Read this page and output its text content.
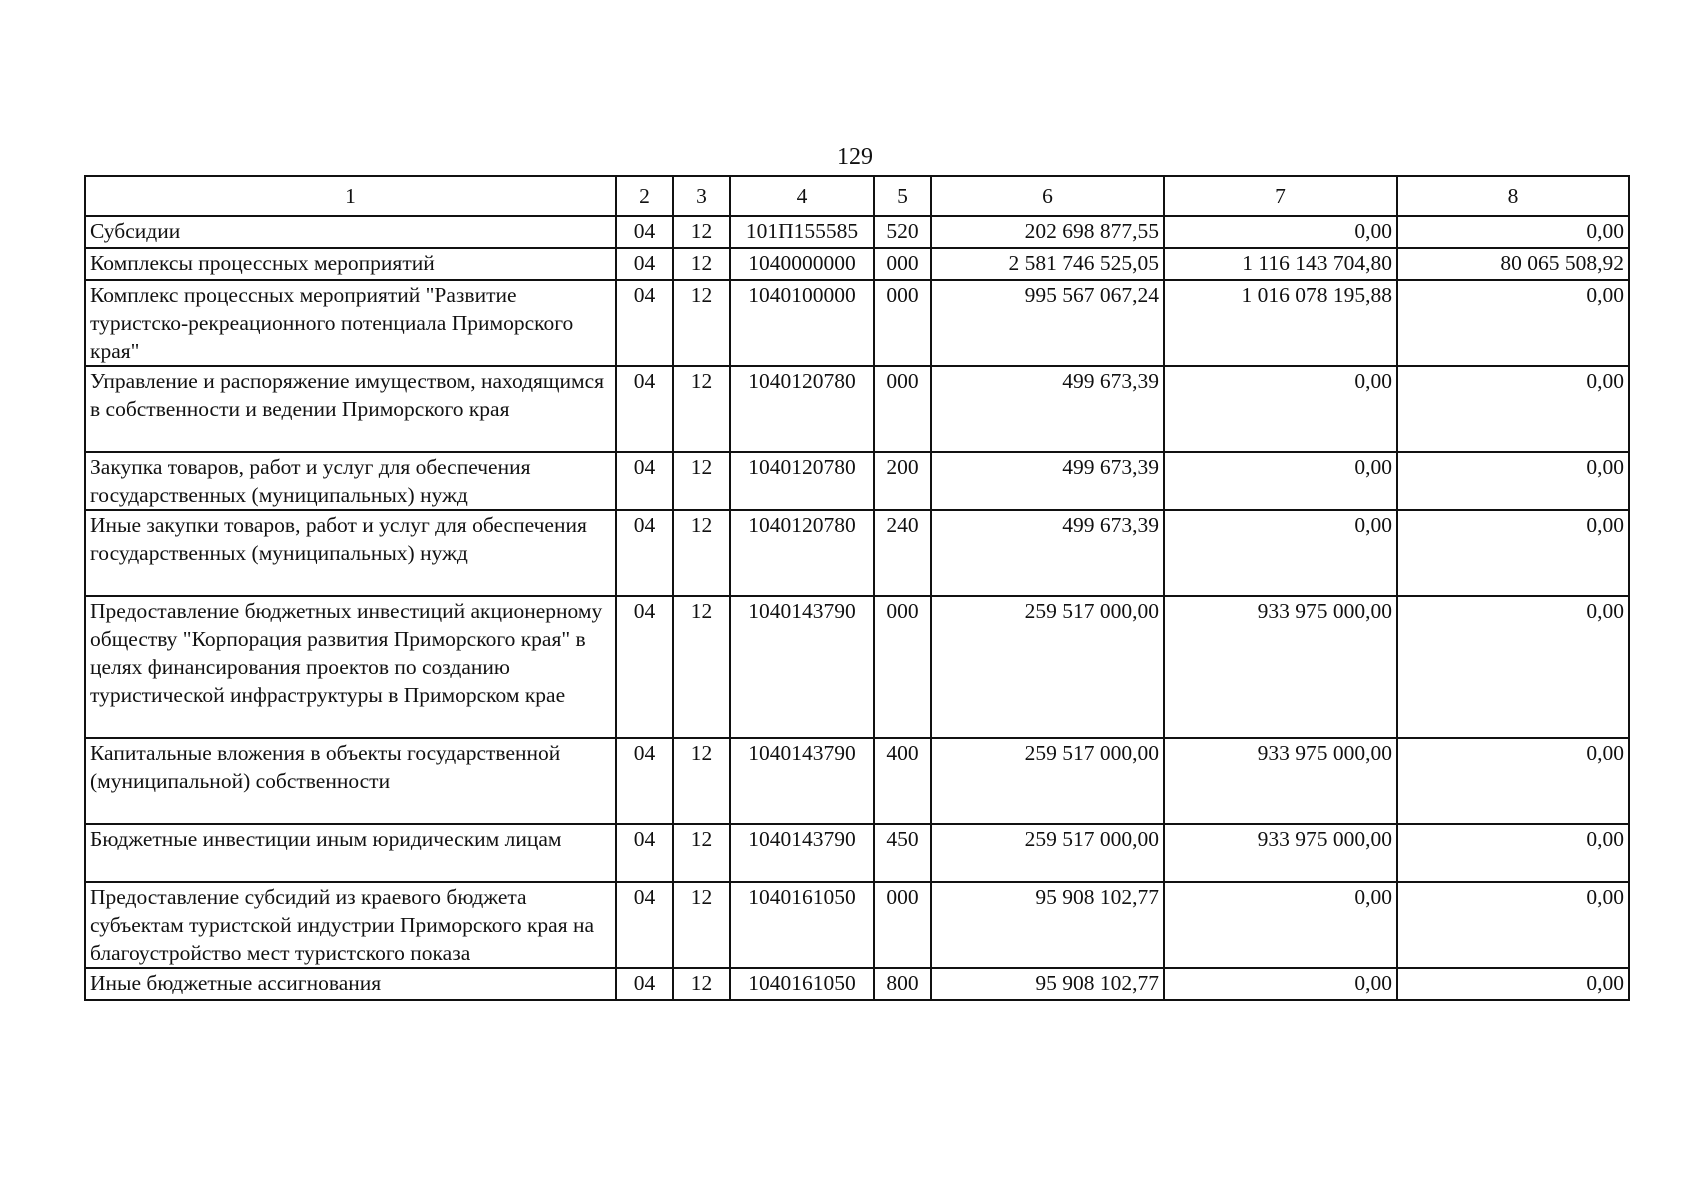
129
1	2	3	4	5	6	7	8
Субсидии	04	12	101П155585	520	202 698 877,55	0,00	0,00
Комплексы процессных мероприятий	04	12	1040000000	000	2 581 746 525,05	1 116 143 704,80	80 065 508,92
Комплекс процессных мероприятий "Развитие туристско-рекреационного потенциала Приморского края"	04	12	1040100000	000	995 567 067,24	1 016 078 195,88	0,00
Управление и распоряжение имуществом, находящимся в собственности и ведении Приморского края	04	12	1040120780	000	499 673,39	0,00	0,00
Закупка товаров, работ и услуг для обеспечения государственных (муниципальных) нужд	04	12	1040120780	200	499 673,39	0,00	0,00
Иные закупки товаров, работ и услуг для обеспечения государственных (муниципальных) нужд	04	12	1040120780	240	499 673,39	0,00	0,00
Предоставление бюджетных инвестиций акционерному обществу "Корпорация развития Приморского края" в целях финансирования проектов по созданию туристической инфраструктуры в Приморском крае	04	12	1040143790	000	259 517 000,00	933 975 000,00	0,00
Капитальные вложения в объекты государственной (муниципальной) собственности	04	12	1040143790	400	259 517 000,00	933 975 000,00	0,00
Бюджетные инвестиции иным юридическим лицам	04	12	1040143790	450	259 517 000,00	933 975 000,00	0,00
Предоставление субсидий из краевого бюджета субъектам туристской индустрии Приморского края на благоустройство мест туристского показа	04	12	1040161050	000	95 908 102,77	0,00	0,00
Иные бюджетные ассигнования	04	12	1040161050	800	95 908 102,77	0,00	0,00
